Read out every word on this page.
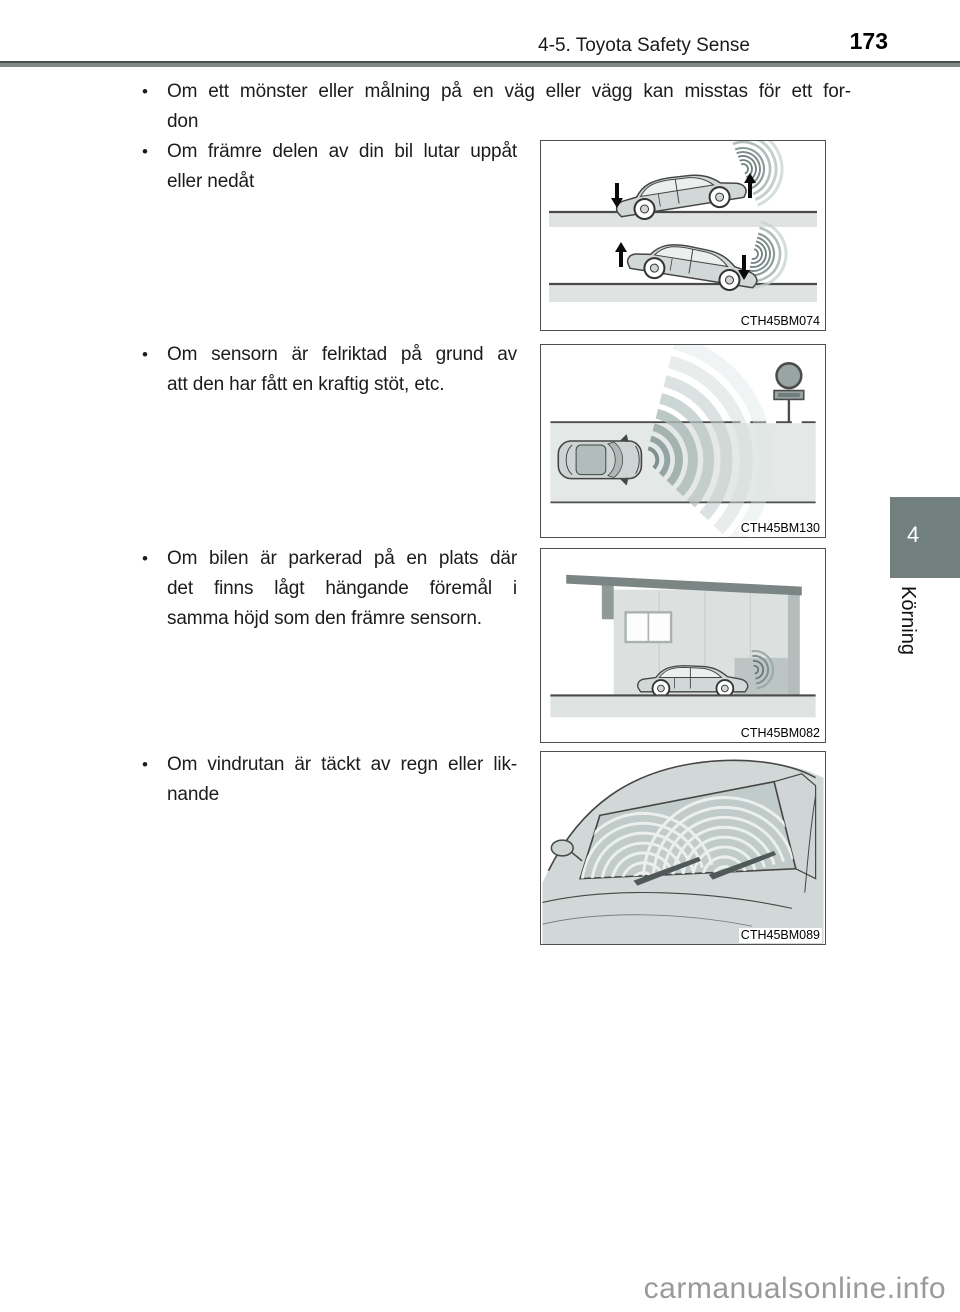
4-5. Toyota Safety Sense	173
•	Om ett mönster eller målning på en väg eller vägg kan misstas för ett for-
don
•	Om främre delen av din bil lutar uppåt
eller nedåt
•	Om sensorn är felriktad på grund av
att den har fått en kraftig stöt, etc.
•	Om bilen är parkerad på en plats där
det finns lågt hängande föremål i
samma höjd som den främre sensorn.
•	Om vindrutan är täckt av regn eller lik-
nande
CTH45BM074
CTH45BM130
CTH45BM082
CTH45BM089
4
Körning
carmanualsonline.info
